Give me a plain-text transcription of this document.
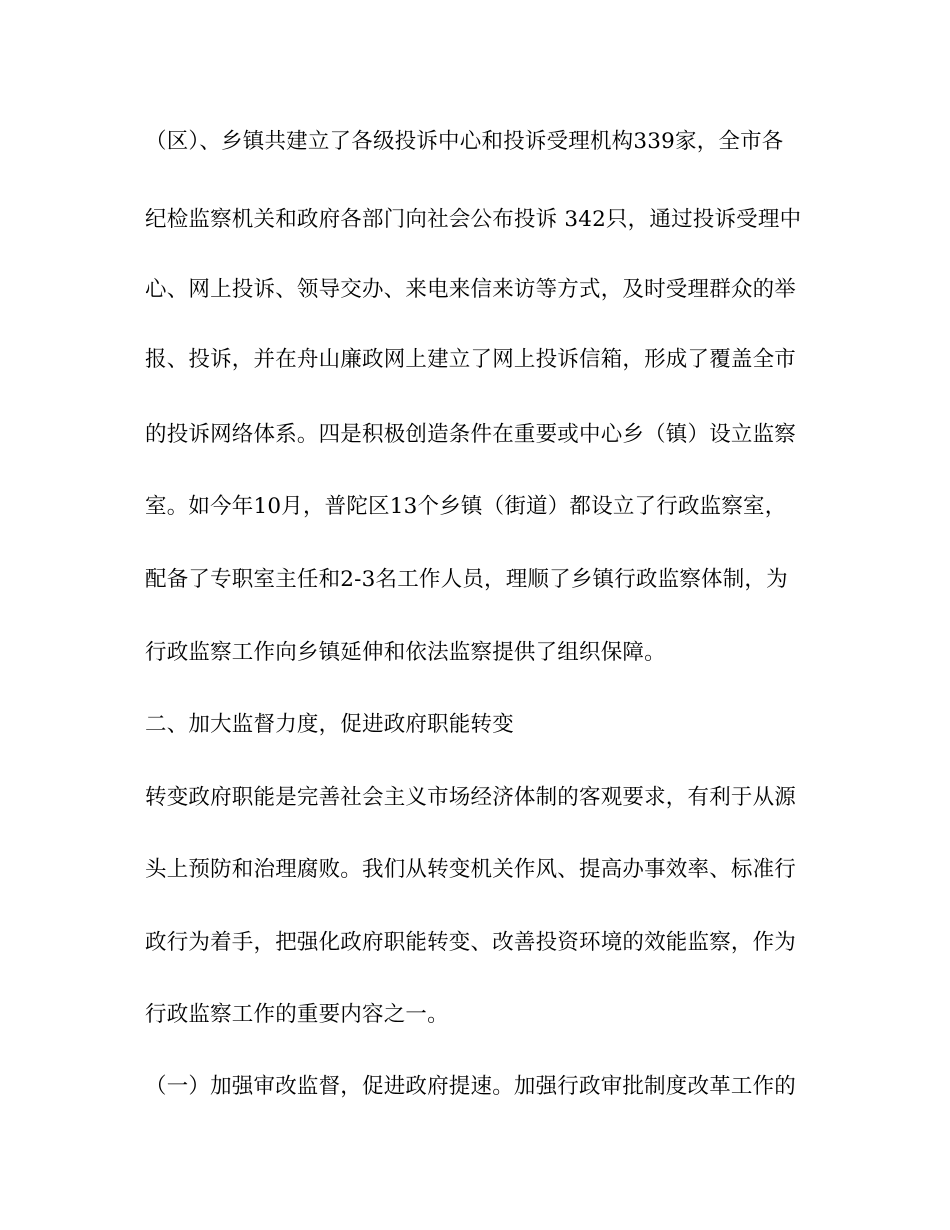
（区）、乡镇共建立了各级投诉中心和投诉受理机构339家，全市各
纪检监察机关和政府各部门向社会公布投诉 342只，通过投诉受理中
心、网上投诉、领导交办、来电来信来访等方式，及时受理群众的举
报、投诉，并在舟山廉政网上建立了网上投诉信箱，形成了覆盖全市
的投诉网络体系。四是积极创造条件在重要或中心乡（镇）设立监察
室。如今年10月，普陀区13个乡镇（街道）都设立了行政监察室，
配备了专职室主任和2-3名工作人员，理顺了乡镇行政监察体制，为
行政监察工作向乡镇延伸和依法监察提供了组织保障。
二、加大监督力度，促进政府职能转变
转变政府职能是完善社会主义市场经济体制的客观要求，有利于从源
头上预防和治理腐败。我们从转变机关作风、提高办事效率、标准行
政行为着手，把强化政府职能转变、改善投资环境的效能监察，作为
行政监察工作的重要内容之一。
（一）加强审改监督，促进政府提速。加强行政审批制度改革工作的
